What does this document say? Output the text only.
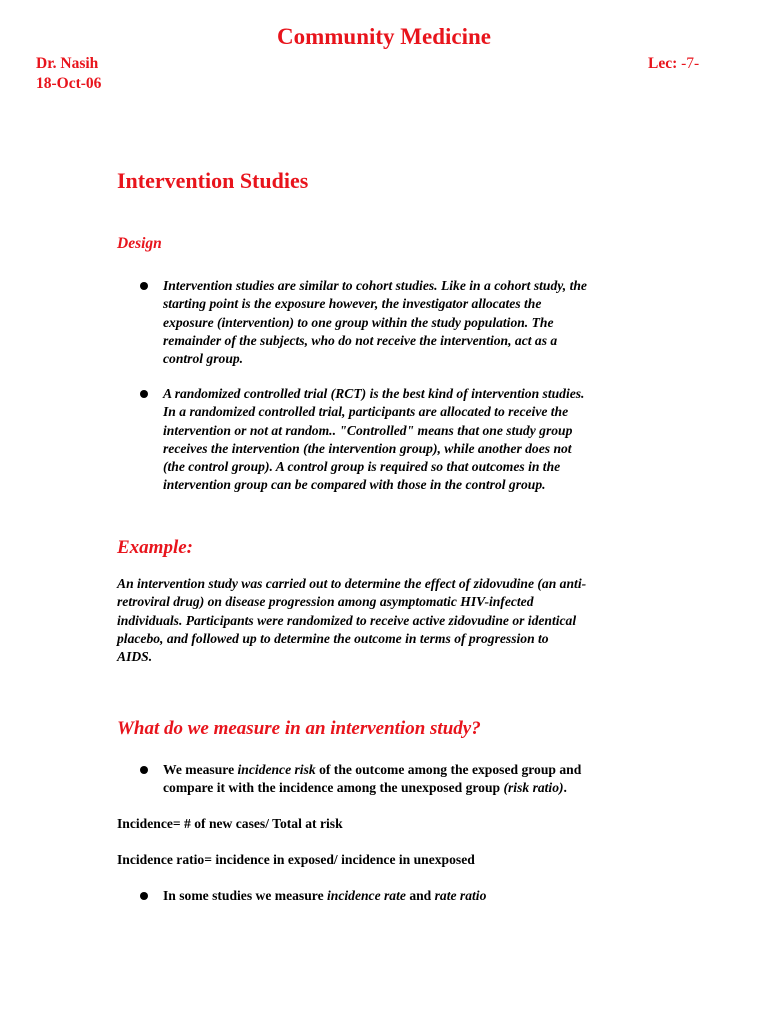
Community Medicine
Dr. Nasih
18-Oct-06
Lec: -7-
Intervention Studies
Design

Intervention studies are similar to cohort studies. Like in a cohort study, the

starting point is the exposure however, the investigator allocates the

exposure (intervention) to one group within the study population. The

remainder of the subjects, who do not receive the intervention, act as a

control group.

A randomized controlled trial (RCT) is the best kind of intervention studies.

In a randomized controlled trial, participants are allocated to receive the

intervention or not at random.. "Controlled" means that one study group

receives the intervention (the intervention group), while another does not

(the control group). A control group is required so that outcomes in the

intervention group can be compared with those in the control group.

Example:

An intervention study was carried out to determine the effect of zidovudine (an anti-

retroviral drug) on disease progression among asymptomatic HIV-infected

individuals. Participants were randomized to receive active zidovudine or identical

placebo, and followed up to determine the outcome in terms of progression to

AIDS.

What do we measure in an intervention study?

We measure incidence risk of the outcome among the exposed group and

compare it with the incidence among the unexposed group (risk ratio).

Incidence= # of new cases/ Total at risk
Incidence ratio= incidence in exposed/ incidence in unexposed

In some studies we measure incidence rate and rate ratio
